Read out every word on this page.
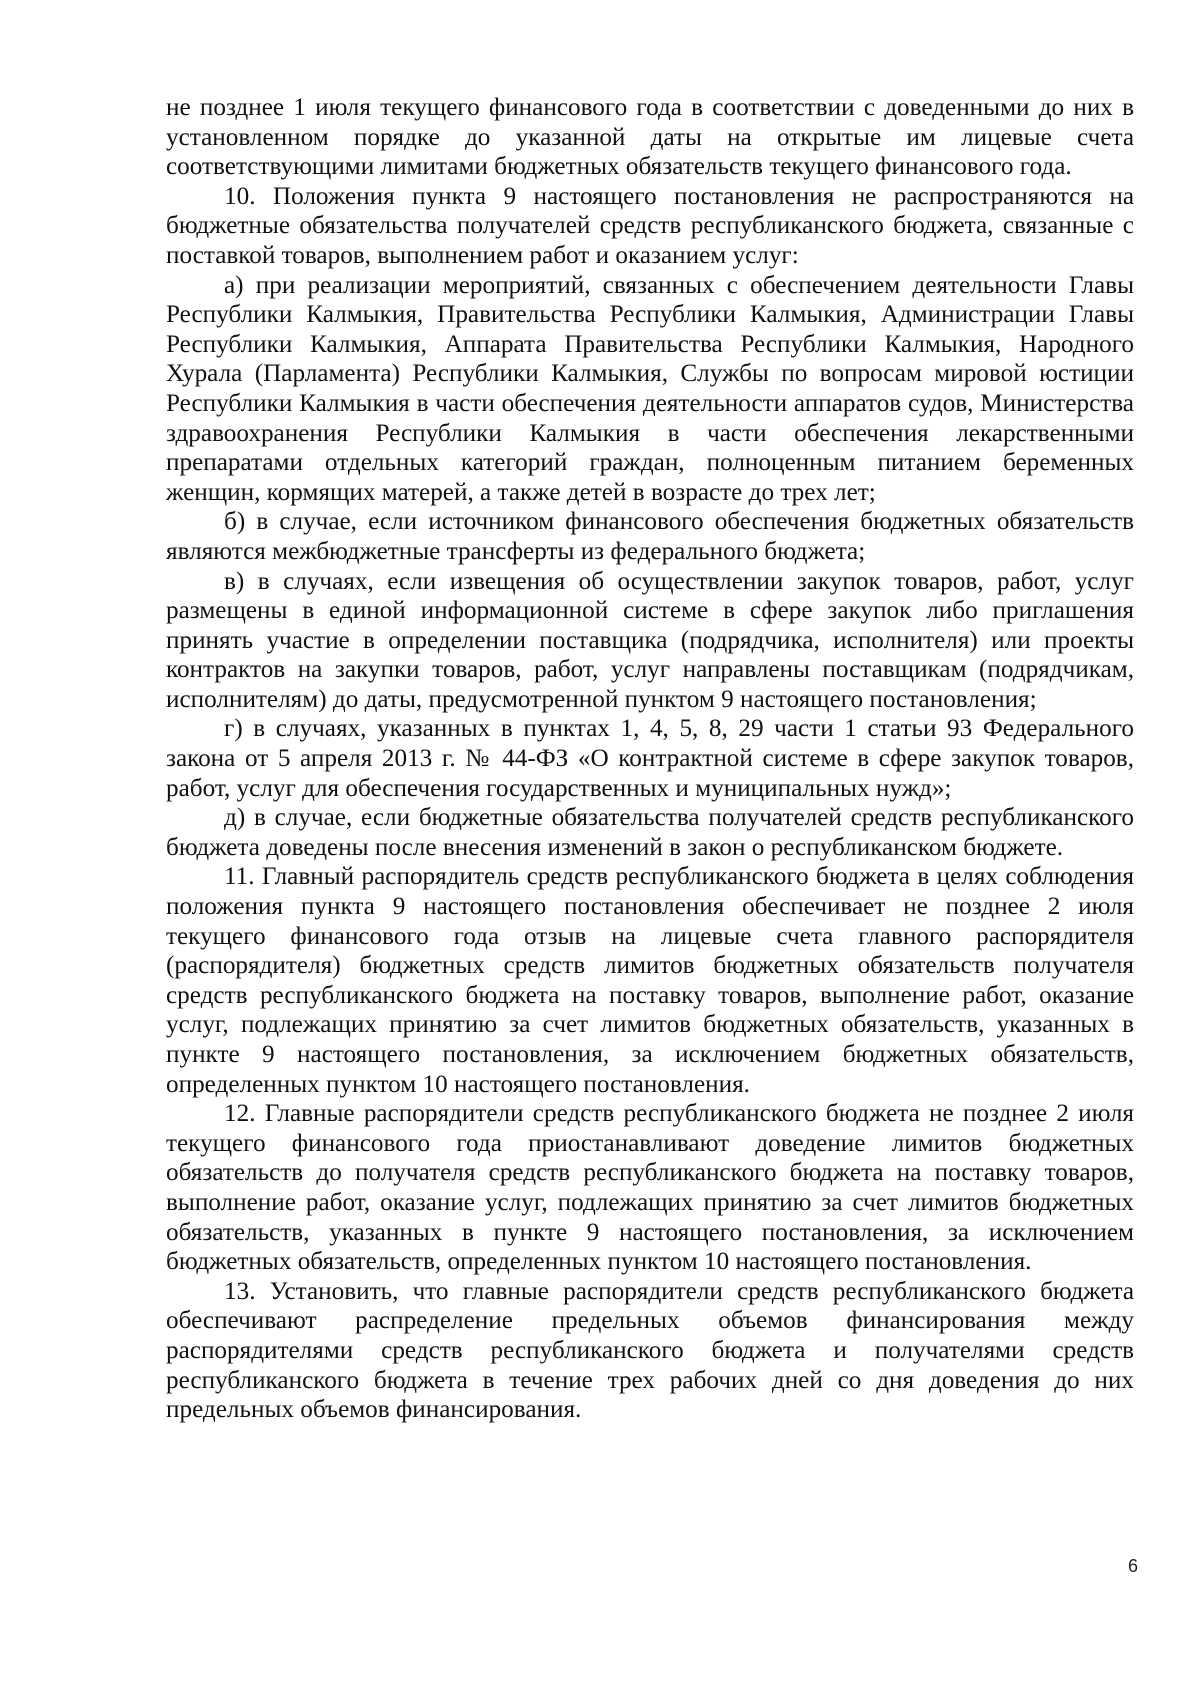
не позднее 1 июля текущего финансового года в соответствии с доведенными до них в установленном порядке до указанной даты на открытые им лицевые счета соответствующими лимитами бюджетных обязательств текущего финансового года.

10. Положения пункта 9 настоящего постановления не распространяются на бюджетные обязательства получателей средств республиканского бюджета, связанные с поставкой товаров, выполнением работ и оказанием услуг:

а) при реализации мероприятий, связанных с обеспечением деятельности Главы Республики Калмыкия, Правительства Республики Калмыкия, Администрации Главы Республики Калмыкия, Аппарата Правительства Республики Калмыкия, Народного Хурала (Парламента) Республики Калмыкия, Службы по вопросам мировой юстиции Республики Калмыкия в части обеспечения деятельности аппаратов судов, Министерства здравоохранения Республики Калмыкия в части обеспечения лекарственными препаратами отдельных категорий граждан, полноценным питанием беременных женщин, кормящих матерей, а также детей в возрасте до трех лет;

б) в случае, если источником финансового обеспечения бюджетных обязательств являются межбюджетные трансферты из федерального бюджета;

в) в случаях, если извещения об осуществлении закупок товаров, работ, услуг размещены в единой информационной системе в сфере закупок либо приглашения принять участие в определении поставщика (подрядчика, исполнителя) или проекты контрактов на закупки товаров, работ, услуг направлены поставщикам (подрядчикам, исполнителям) до даты, предусмотренной пунктом 9 настоящего постановления;

г) в случаях, указанных в пунктах 1, 4, 5, 8, 29 части 1 статьи 93 Федерального закона от 5 апреля 2013 г. № 44-ФЗ «О контрактной системе в сфере закупок товаров, работ, услуг для обеспечения государственных и муниципальных нужд»;

д) в случае, если бюджетные обязательства получателей средств республиканского бюджета доведены после внесения изменений в закон о республиканском бюджете.

11. Главный распорядитель средств республиканского бюджета в целях соблюдения положения пункта 9 настоящего постановления обеспечивает не позднее 2 июля текущего финансового года отзыв на лицевые счета главного распорядителя (распорядителя) бюджетных средств лимитов бюджетных обязательств получателя средств республиканского бюджета на поставку товаров, выполнение работ, оказание услуг, подлежащих принятию за счет лимитов бюджетных обязательств, указанных в пункте 9 настоящего постановления, за исключением бюджетных обязательств, определенных пунктом 10 настоящего постановления.

12. Главные распорядители средств республиканского бюджета не позднее 2 июля текущего финансового года приостанавливают доведение лимитов бюджетных обязательств до получателя средств республиканского бюджета на поставку товаров, выполнение работ, оказание услуг, подлежащих принятию за счет лимитов бюджетных обязательств, указанных в пункте 9 настоящего постановления, за исключением бюджетных обязательств, определенных пунктом 10 настоящего постановления.

13. Установить, что главные распорядители средств республиканского бюджета обеспечивают распределение предельных объемов финансирования между распорядителями средств республиканского бюджета и получателями средств республиканского бюджета в течение трех рабочих дней со дня доведения до них предельных объемов финансирования.

6
